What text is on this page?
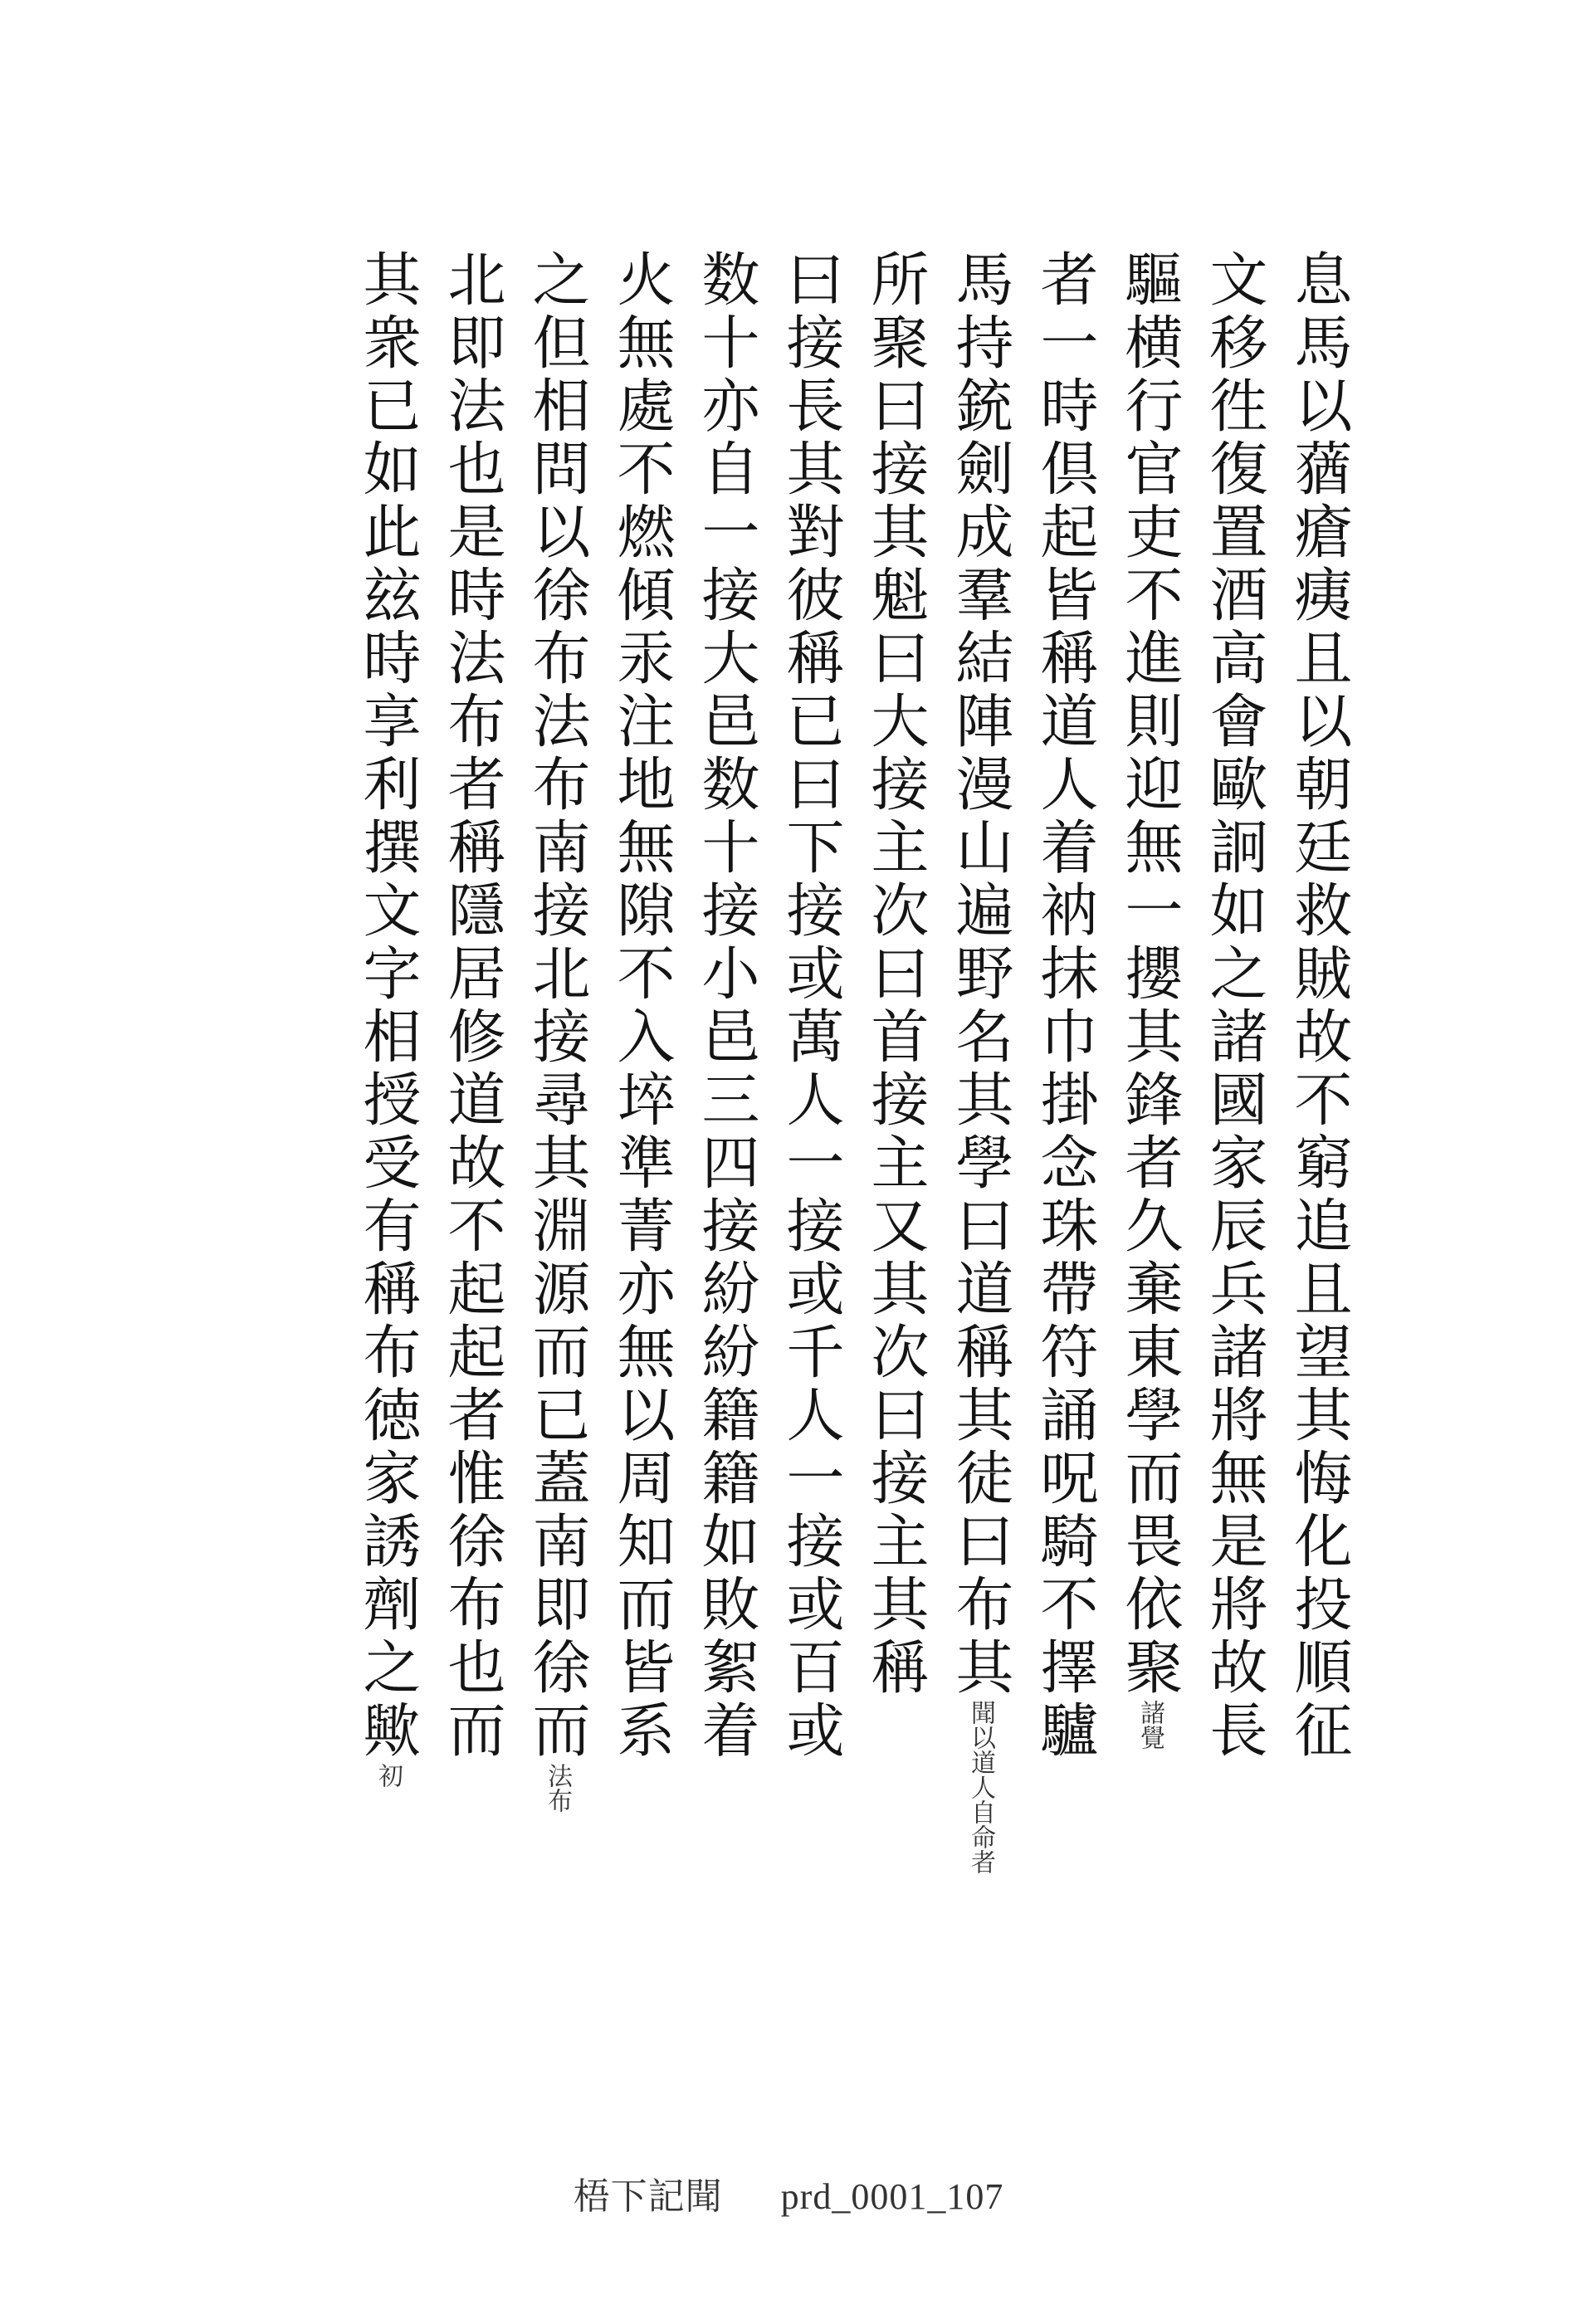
息馬以蕕瘡痍且以朝廷救賊故不窮追且望其悔化投順征
文移徃復置酒高會歐詗如之諸國家辰兵諸將無是將故長
驅横行官吏不進則迎無一攖其鋒者久棄東學而畏依聚諸覺
者一時倶起皆稱道人着衲抹巾掛念珠帶符誦呪騎不擇驢
馬持銃劍成羣結陣漫山遍野名其學曰道稱其徒曰布其聞以道人自命者
所聚曰接其魁曰大接主次曰首接主又其次曰接主其稱
曰接長其對彼稱已曰下接或萬人一接或千人一接或百或
数十亦自一接大邑数十接小邑三四接紛紛籍籍如敗絮着
火無處不燃傾汞注地無隙不入埣準菁亦無以周知而皆系
之但相問以徐布法布南接北接尋其淵源而已蓋南即徐而法布
北即法也是時法布者稱隱居修道故不起起者惟徐布也而
其衆已如此玆時享利撰文字相授受有稱布徳家誘劑之歟初
梧下記聞 prd_0001_107
